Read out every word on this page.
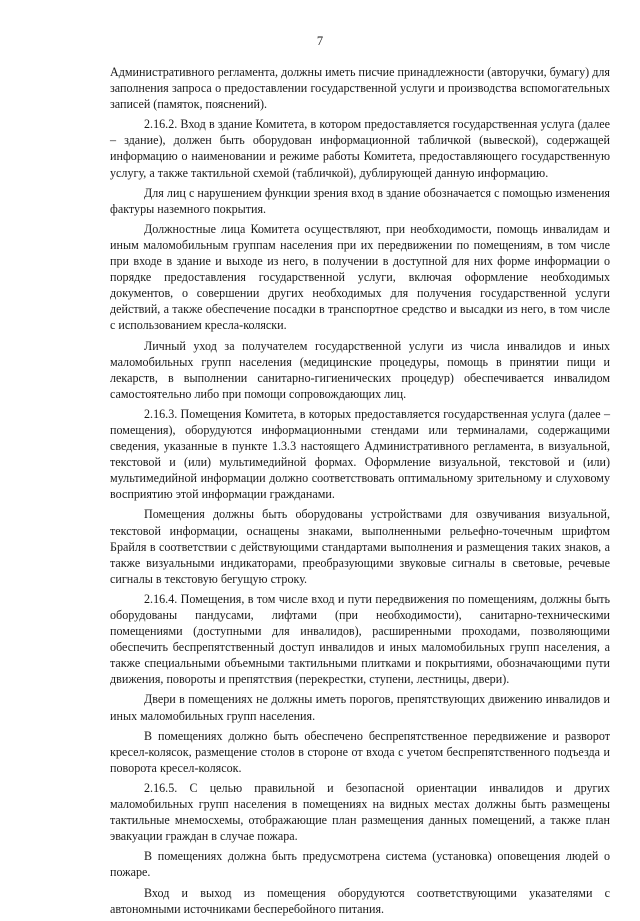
7

Административного регламента, должны иметь писчие принадлежности (авторучки, бумагу) для заполнения запроса о предоставлении государственной услуги и производства вспомогательных записей (памяток, пояснений).

2.16.2. Вход в здание Комитета, в котором предоставляется государственная услуга (далее – здание), должен быть оборудован информационной табличкой (вывеской), содержащей информацию о наименовании и режиме работы Комитета, предоставляющего государственную услугу, а также тактильной схемой (табличкой), дублирующей данную информацию.

Для лиц с нарушением функции зрения вход в здание обозначается с помощью изменения фактуры наземного покрытия.

Должностные лица Комитета осуществляют, при необходимости, помощь инвалидам и иным маломобильным группам населения при их передвижении по помещениям, в том числе при входе в здание и выходе из него, в получении в доступной для них форме информации о порядке предоставления государственной услуги, включая оформление необходимых документов, о совершении других необходимых для получения государственной услуги действий, а также обеспечение посадки в транспортное средство и высадки из него, в том числе с использованием кресла-коляски.

Личный уход за получателем государственной услуги из числа инвалидов и иных маломобильных групп населения (медицинские процедуры, помощь в принятии пищи и лекарств, в выполнении санитарно-гигиенических процедур) обеспечивается инвалидом самостоятельно либо при помощи сопровождающих лиц.

2.16.3. Помещения Комитета, в которых предоставляется государственная услуга (далее – помещения), оборудуются информационными стендами или терминалами, содержащими сведения, указанные в пункте 1.3.3 настоящего Административного регламента, в визуальной, текстовой и (или) мультимедийной формах. Оформление визуальной, текстовой и (или) мультимедийной информации должно соответствовать оптимальному зрительному и слуховому восприятию этой информации гражданами.

Помещения должны быть оборудованы устройствами для озвучивания визуальной, текстовой информации, оснащены знаками, выполненными рельефно-точечным шрифтом Брайля в соответствии с действующими стандартами выполнения и размещения таких знаков, а также визуальными индикаторами, преобразующими звуковые сигналы в световые, речевые сигналы в текстовую бегущую строку.

2.16.4. Помещения, в том числе вход и пути передвижения по помещениям, должны быть оборудованы пандусами, лифтами (при необходимости), санитарно-техническими помещениями (доступными для инвалидов), расширенными проходами, позволяющими обеспечить беспрепятственный доступ инвалидов и иных маломобильных групп населения, а также специальными объемными тактильными плитками и покрытиями, обозначающими пути движения, повороты и препятствия (перекрестки, ступени, лестницы, двери).

Двери в помещениях не должны иметь порогов, препятствующих движению инвалидов и иных маломобильных групп населения.

В помещениях должно быть обеспечено беспрепятственное передвижение и разворот кресел-колясок, размещение столов в стороне от входа с учетом беспрепятственного подъезда и поворота кресел-колясок.

2.16.5. С целью правильной и безопасной ориентации инвалидов и других маломобильных групп населения в помещениях на видных местах должны быть размещены тактильные мнемосхемы, отображающие план размещения данных помещений, а также план эвакуации граждан в случае пожара.

В помещениях должна быть предусмотрена система (установка) оповещения людей о пожаре.

Вход и выход из помещения оборудуются соответствующими указателями с автономными источниками бесперебойного питания.
